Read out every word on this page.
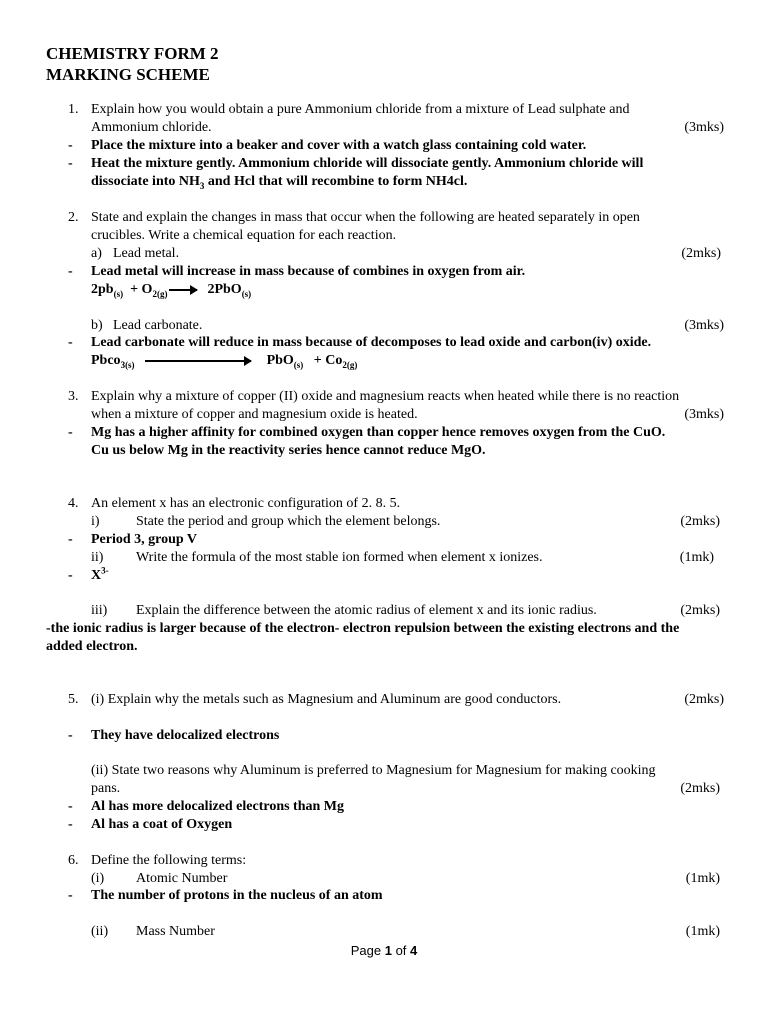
CHEMISTRY FORM 2
MARKING SCHEME
1. Explain how you would obtain a pure Ammonium chloride from a mixture of Lead sulphate and
Ammonium chloride.	(3mks)
- Place the mixture into a beaker and cover with a watch glass containing cold water.
- Heat the mixture gently. Ammonium chloride will dissociate gently. Ammonium chloride will
dissociate into $NH_3$ and Hcl that will recombine to form NH4cl.
2. State and explain the changes in mass that occur when the following are heated separately in open
crucibles. Write a chemical equation for each reaction.
a) Lead metal.	(2mks)
- Lead metal will increase in mass because of combines in oxygen from air.
$2pb_{(s)} + O_{2(g)} \to 2PbO_{(s)}$
b) Lead carbonate.	(3mks)
- Lead carbonate will reduce in mass because of decomposes to lead oxide and carbon(iv) oxide.
Pbco$_{3(s)}$	$PbO_{(s)} + Co_{2(g)}$
3. Explain why a mixture of copper (II) oxide and magnesium reacts when heated while there is no reaction
when a mixture of copper and magnesium oxide is heated.	(3mks)
- Mg has a higher affinity for combined oxygen than copper hence removes oxygen from the CuO.
Cu us below Mg in the reactivity series hence cannot reduce MgO.
4. An element x has an electronic configuration of 2. 8. 5.
i)	State the period and group which the element belongs.	(2mks)
- Period 3, group V
ii) Write the formula of the most stable ion formed when element x ionizes.	(1mk)
- $X^{3-}$
iii) Explain the difference between the atomic radius of element x and its ionic radius.	(2mks)
-the ionic radius is larger because of the electron- electron repulsion between the existing electrons and the
added electron.
5. (i) Explain why the metals such as Magnesium and Aluminum are good conductors.	(2mks)
- They have delocalized electrons
(ii) State two reasons why Aluminum is preferred to Magnesium for Magnesium for making cooking
pans.	(2mks)
- Al has more delocalized electrons than Mg
- Al has a coat of Oxygen
6. Define the following terms:
(i) Atomic Number	(1mk)
- The number of protons in the nucleus of an atom
(ii) Mass Number	(1mk)
Page 1 of 4
